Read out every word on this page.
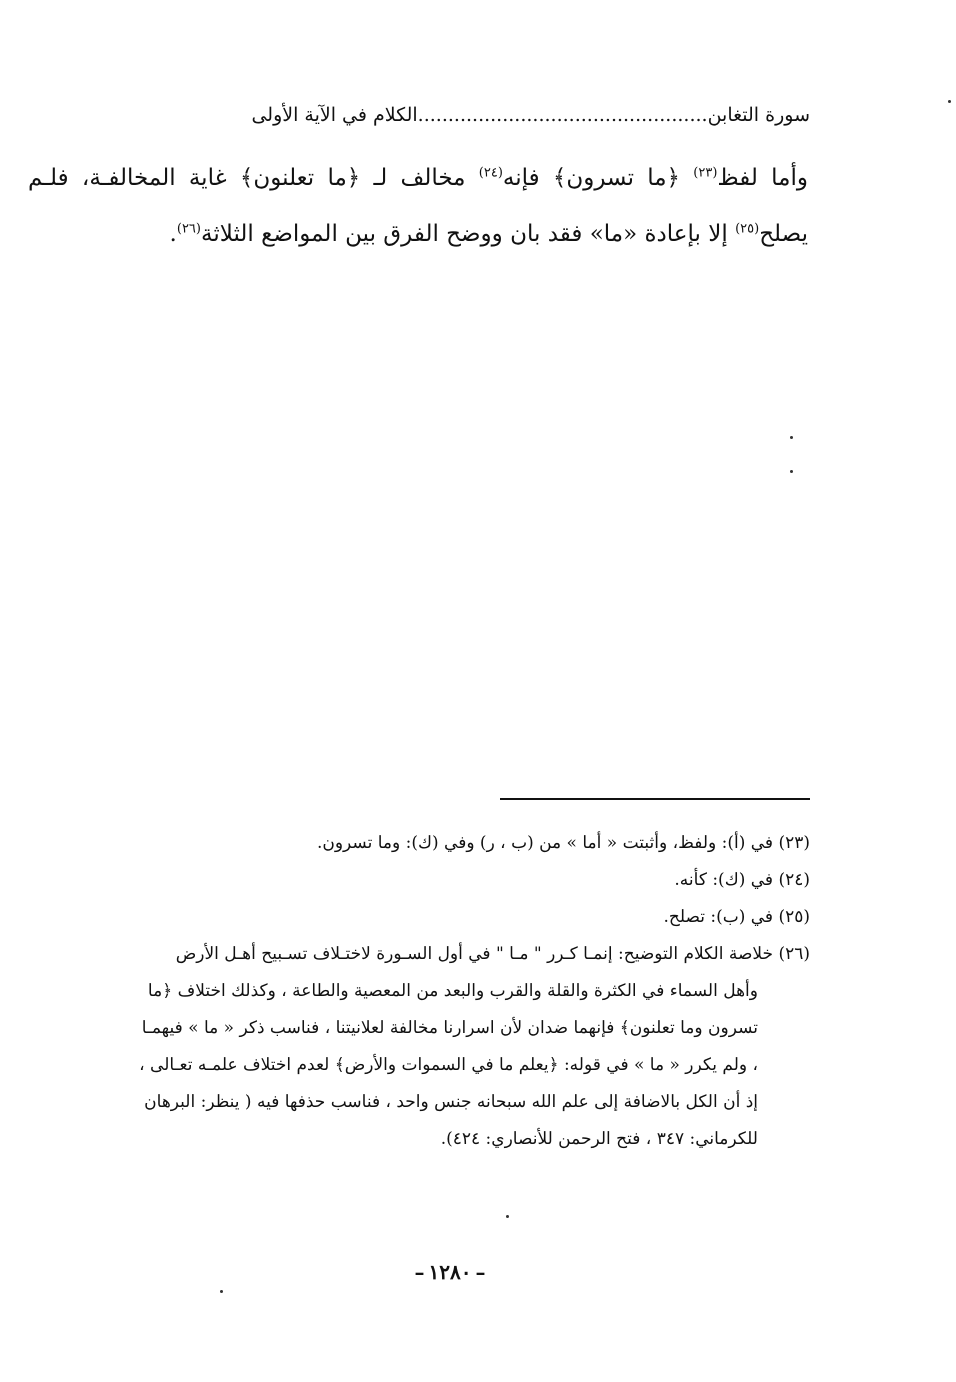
سورة التغابن................................................الكلام في الآية الأولى

وأما لفظ$^{(٢٣)}$ ﴿ما تسرون﴾ فإنه$^{(٢٤)}$ مخالف لـ ﴿ما تعلنون﴾ غاية المخالفـة، فلـم يصلح$^{(٢٥)}$ إلا بإعادة «ما» فقد بان ووضح الفرق بين المواضع الثلاثة$^{(٢٦)}$.

(٢٣) في (أ): ولفظ، وأثبتت « أما » من (ب ، ر) وفي (ك): وما تسرون.

(٢٤) في (ك): كأنه.

(٢٥) في (ب): تصلح.

(٢٦) خلاصة الكلام التوضيح: إنمـا كـرر " مـا " في أول السـورة لاختـلاف تسـبيح أهـل الأرض

وأهل السماء في الكثرة والقلة والقرب والبعد من المعصية والطاعة ، وكذلك اختلاف ﴿ما
تسرون وما تعلنون﴾ فإنهما ضدان لأن اسرارنا مخالفة لعلانيتنا ، فناسب ذكر « ما » فيهمـا
، ولم يكرر « ما » في قوله: ﴿يعلم ما في السموات والأرض﴾ لعدم اختلاف علمـه تعـالى ،
إذ أن الكل بالاضافة إلى علم الله سبحانه جنس واحد ، فناسب حذفها فيه ( ينظر: البرهان
للكرماني: ٣٤٧ ، فتح الرحمن للأنصاري: ٤٢٤).
–١٢٨٠–
